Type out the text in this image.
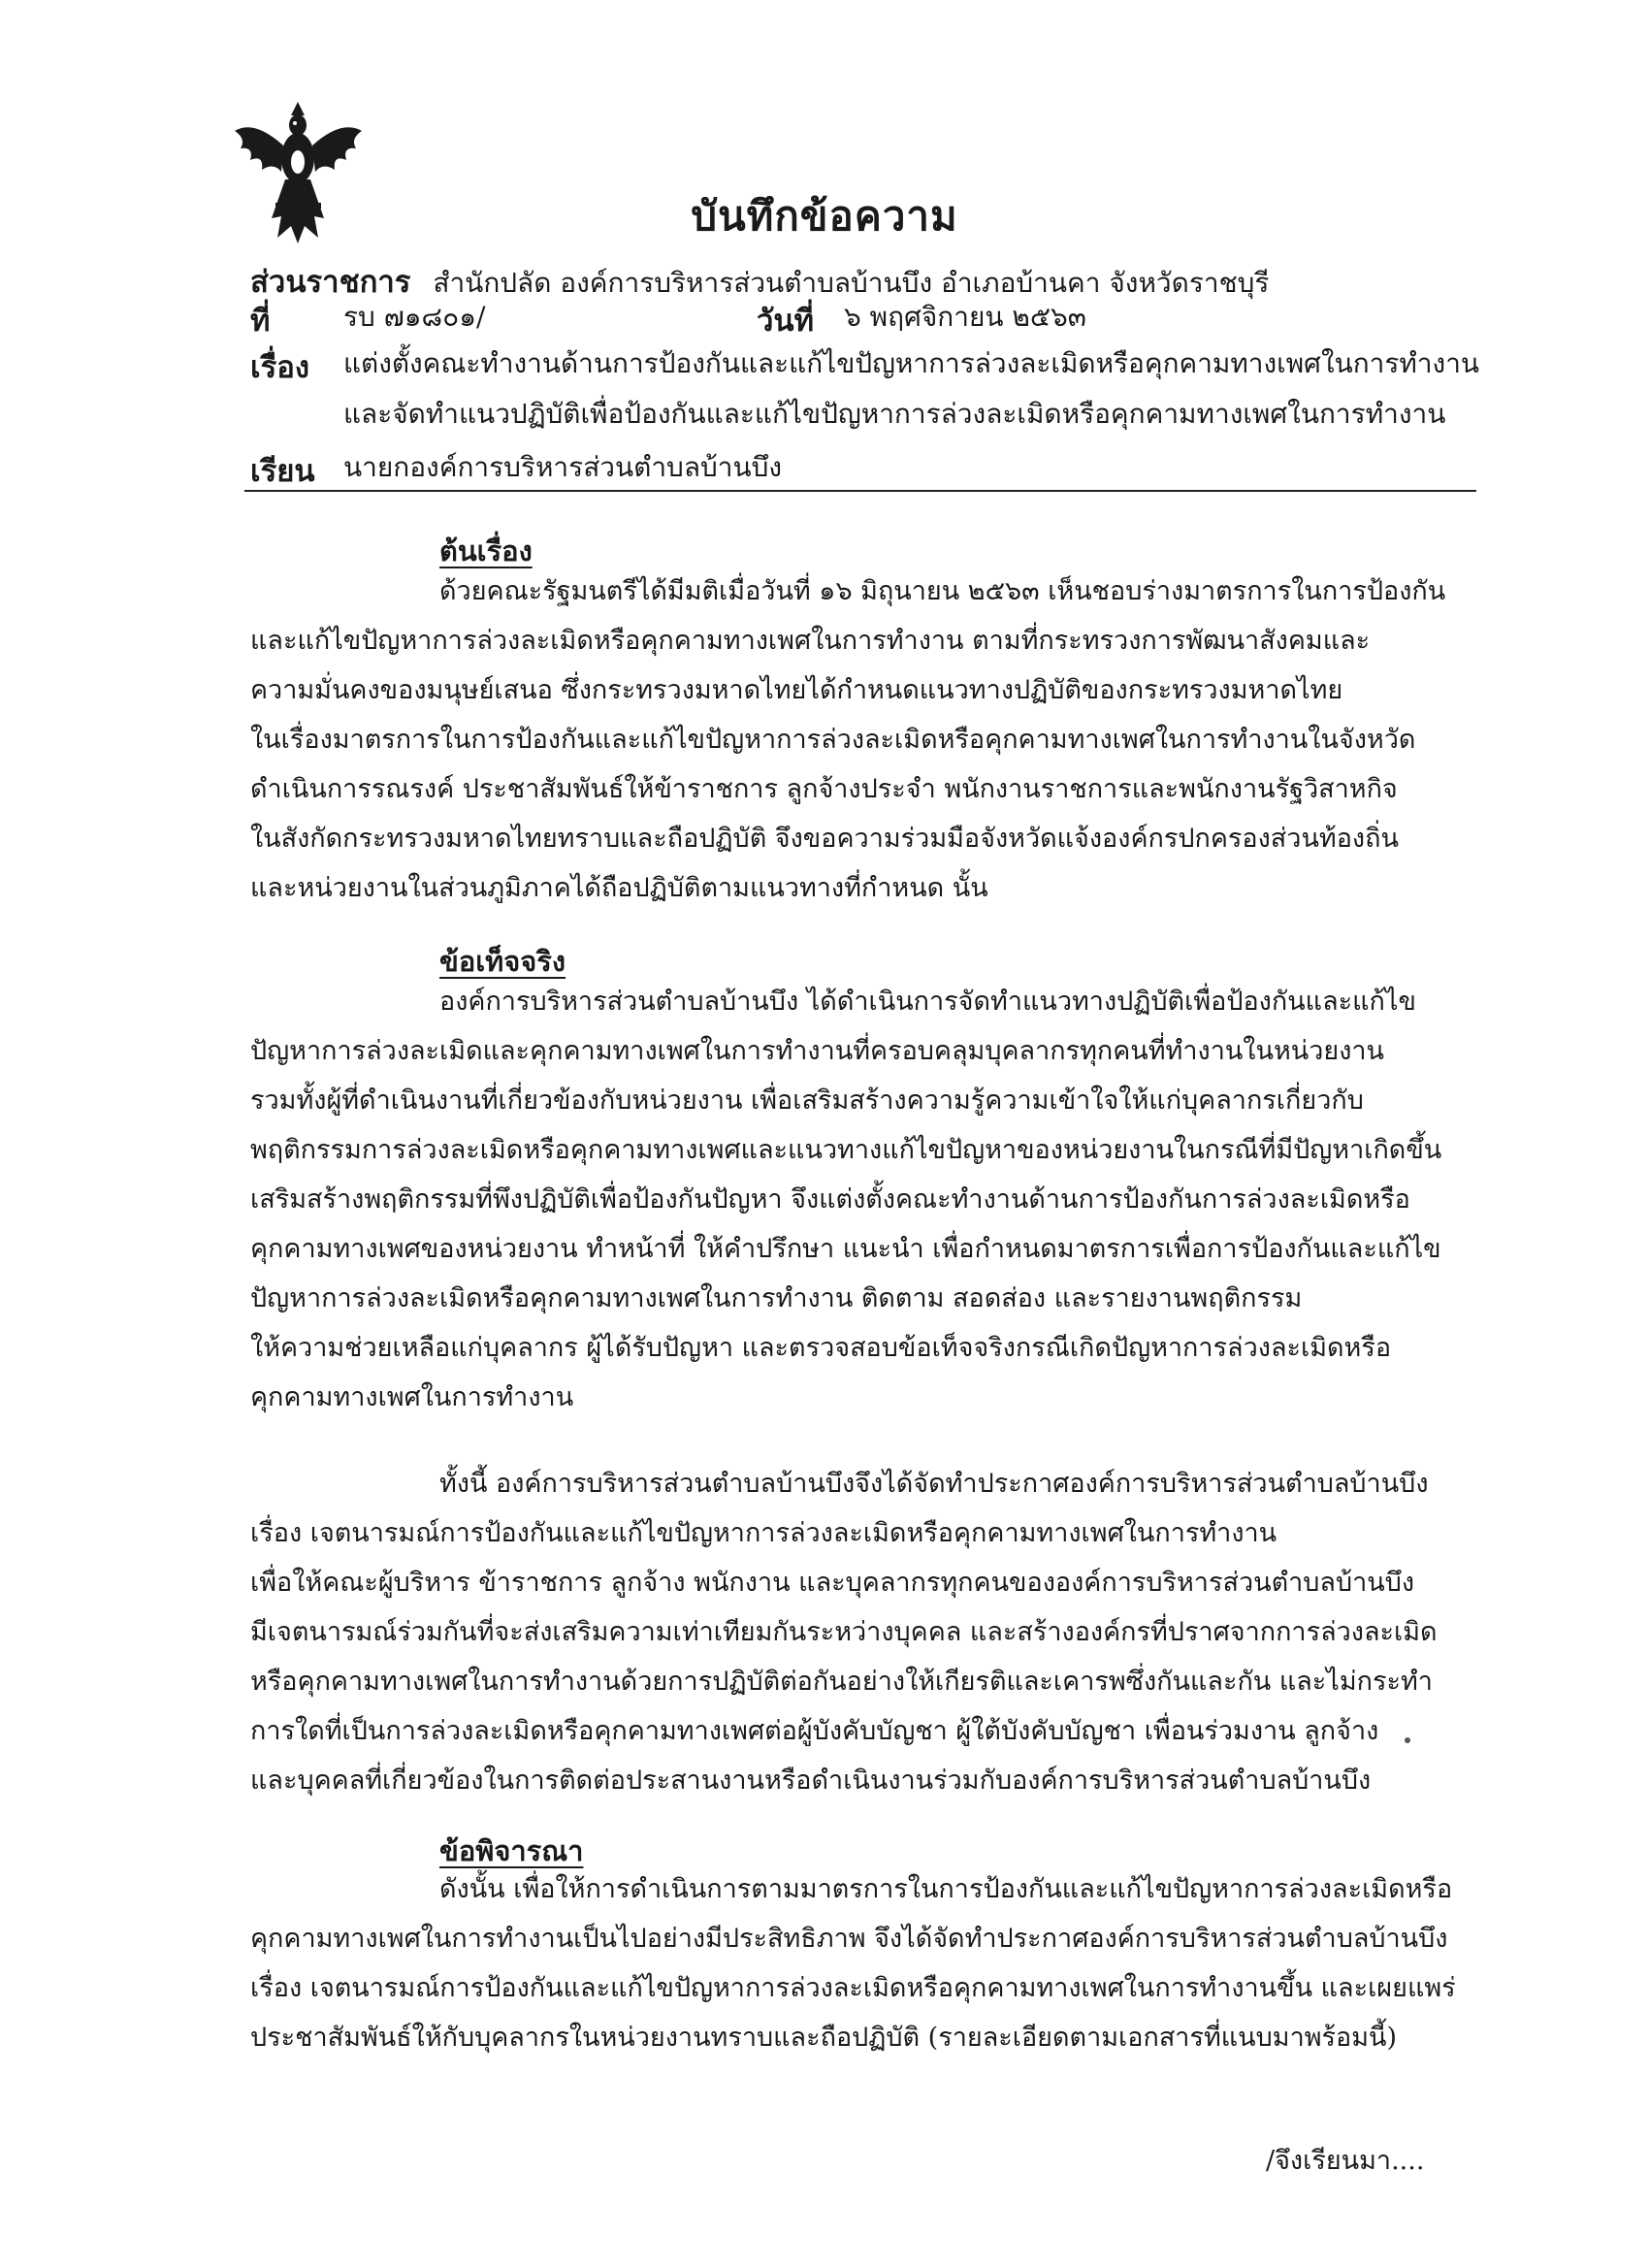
บันทึกข้อความ
ส่วนราชการ สำนักปลัด องค์การบริหารส่วนตำบลบ้านบึง อำเภอบ้านคา จังหวัดราชบุรี
ที่	รบ ๗๑๘๐๑/	วันที่ ๖ พฤศจิกายน ๒๕๖๓
เรื่อง แต่งตั้งคณะทำงานด้านการป้องกันและแก้ไขปัญหาการล่วงละเมิดหรือคุกคามทางเพศในการทำงาน
และจัดทำแนวปฏิบัติเพื่อป้องกันและแก้ไขปัญหาการล่วงละเมิดหรือคุกคามทางเพศในการทำงาน
เรียน นายกองค์การบริหารส่วนตำบลบ้านบึง
ต้นเรื่อง
ด้วยคณะรัฐมนตรีได้มีมติเมื่อวันที่ ๑๖ มิถุนายน ๒๕๖๓ เห็นชอบร่างมาตรการในการป้องกัน
และแก้ไขปัญหาการล่วงละเมิดหรือคุกคามทางเพศในการทำงาน ตามที่กระทรวงการพัฒนาสังคมและ
ความมั่นคงของมนุษย์เสนอ ซึ่งกระทรวงมหาดไทยได้กำหนดแนวทางปฏิบัติของกระทรวงมหาดไทย
ในเรื่องมาตรการในการป้องกันและแก้ไขปัญหาการล่วงละเมิดหรือคุกคามทางเพศในการทำงานในจังหวัด
ดำเนินการรณรงค์ ประชาสัมพันธ์ให้ข้าราชการ ลูกจ้างประจำ พนักงานราชการและพนักงานรัฐวิสาหกิจ
ในสังกัดกระทรวงมหาดไทยทราบและถือปฏิบัติ จึงขอความร่วมมือจังหวัดแจ้งองค์กรปกครองส่วนท้องถิ่น
และหน่วยงานในส่วนภูมิภาคได้ถือปฏิบัติตามแนวทางที่กำหนด นั้น
ข้อเท็จจริง
องค์การบริหารส่วนตำบลบ้านบึง ได้ดำเนินการจัดทำแนวทางปฏิบัติเพื่อป้องกันและแก้ไข
ปัญหาการล่วงละเมิดและคุกคามทางเพศในการทำงานที่ครอบคลุมบุคลากรทุกคนที่ทำงานในหน่วยงาน
รวมทั้งผู้ที่ดำเนินงานที่เกี่ยวข้องกับหน่วยงาน เพื่อเสริมสร้างความรู้ความเข้าใจให้แก่บุคลากรเกี่ยวกับ
พฤติกรรมการล่วงละเมิดหรือคุกคามทางเพศและแนวทางแก้ไขปัญหาของหน่วยงานในกรณีที่มีปัญหาเกิดขึ้น
เสริมสร้างพฤติกรรมที่พึงปฏิบัติเพื่อป้องกันปัญหา จึงแต่งตั้งคณะทำงานด้านการป้องกันการล่วงละเมิดหรือ
คุกคามทางเพศของหน่วยงาน ทำหน้าที่ ให้คำปรึกษา แนะนำ เพื่อกำหนดมาตรการเพื่อการป้องกันและแก้ไข
ปัญหาการล่วงละเมิดหรือคุกคามทางเพศในการทำงาน ติดตาม สอดส่อง และรายงานพฤติกรรม
ให้ความช่วยเหลือแก่บุคลากร ผู้ได้รับปัญหา และตรวจสอบข้อเท็จจริงกรณีเกิดปัญหาการล่วงละเมิดหรือ
คุกคามทางเพศในการทำงาน
ทั้งนี้ องค์การบริหารส่วนตำบลบ้านบึงจึงได้จัดทำประกาศองค์การบริหารส่วนตำบลบ้านบึง
เรื่อง เจตนารมณ์การป้องกันและแก้ไขปัญหาการล่วงละเมิดหรือคุกคามทางเพศในการทำงาน
เพื่อให้คณะผู้บริหาร ข้าราชการ ลูกจ้าง พนักงาน และบุคลากรทุกคนขององค์การบริหารส่วนตำบลบ้านบึง
มีเจตนารมณ์ร่วมกันที่จะส่งเสริมความเท่าเทียมกันระหว่างบุคคล และสร้างองค์กรที่ปราศจากการล่วงละเมิด
หรือคุกคามทางเพศในการทำงานด้วยการปฏิบัติต่อกันอย่างให้เกียรติและเคารพซึ่งกันและกัน และไม่กระทำ
การใดที่เป็นการล่วงละเมิดหรือคุกคามทางเพศต่อผู้บังคับบัญชา ผู้ใต้บังคับบัญชา เพื่อนร่วมงาน ลูกจ้าง
และบุคคลที่เกี่ยวข้องในการติดต่อประสานงานหรือดำเนินงานร่วมกับองค์การบริหารส่วนตำบลบ้านบึง
ข้อพิจารณา
ดังนั้น เพื่อให้การดำเนินการตามมาตรการในการป้องกันและแก้ไขปัญหาการล่วงละเมิดหรือ
คุกคามทางเพศในการทำงานเป็นไปอย่างมีประสิทธิภาพ จึงได้จัดทำประกาศองค์การบริหารส่วนตำบลบ้านบึง
เรื่อง เจตนารมณ์การป้องกันและแก้ไขปัญหาการล่วงละเมิดหรือคุกคามทางเพศในการทำงานขึ้น และเผยแพร่
ประชาสัมพันธ์ให้กับบุคลากรในหน่วยงานทราบและถือปฏิบัติ (รายละเอียดตามเอกสารที่แนบมาพร้อมนี้)
/จึงเรียนมา....
